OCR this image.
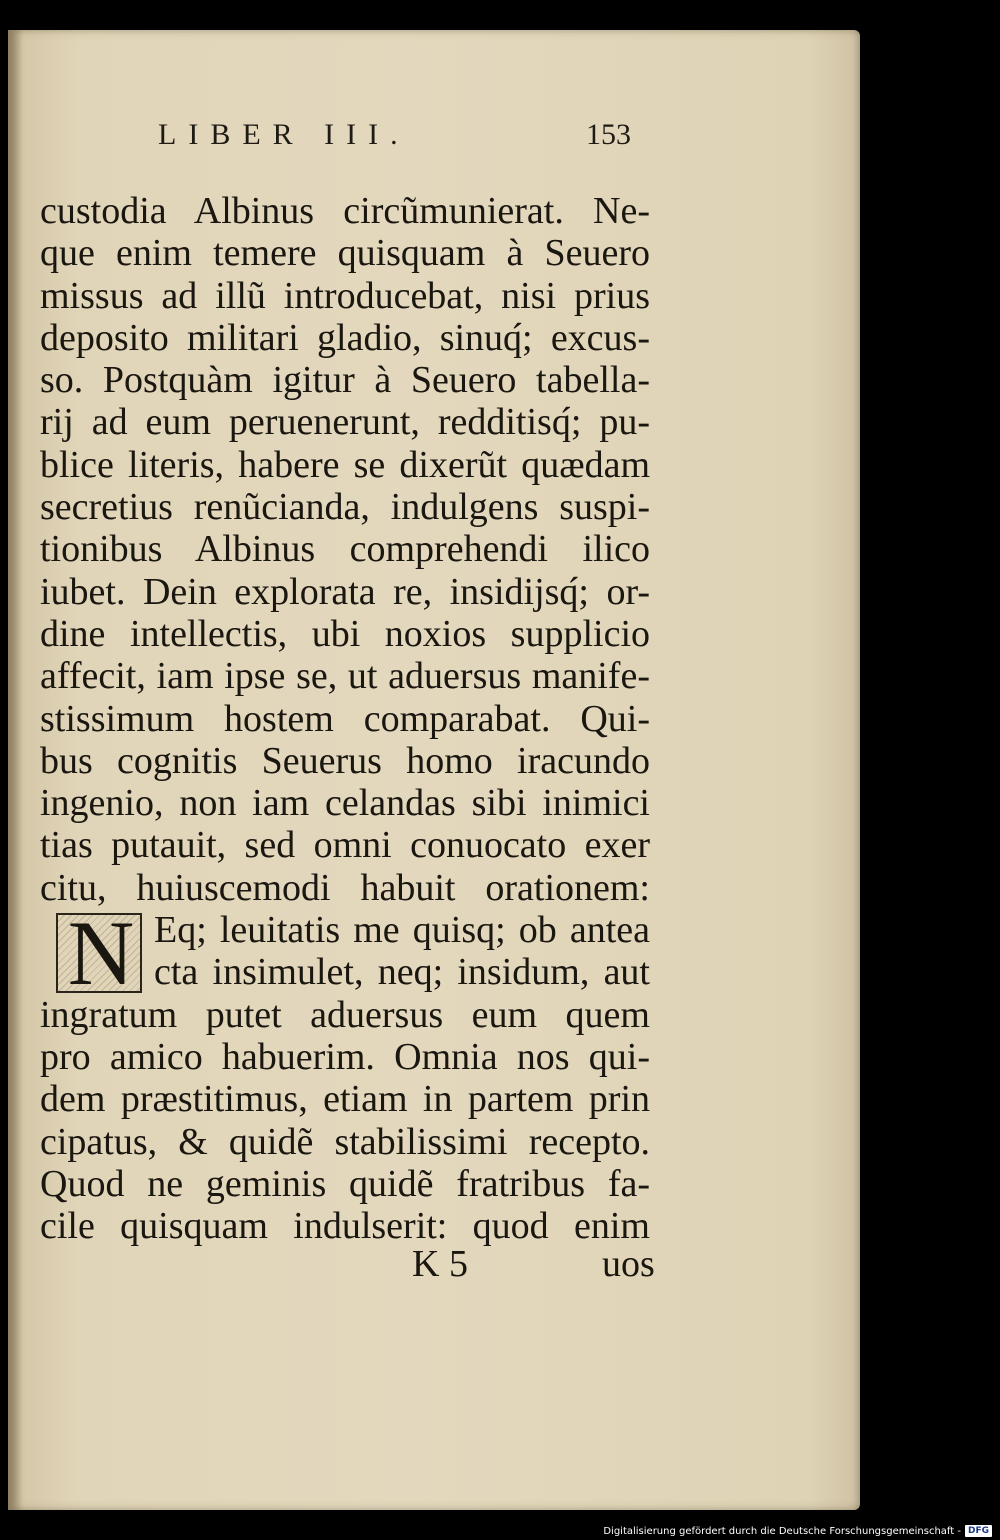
LIBER III.	153
custodia Albinus circũmunierat. Ne-
que enim temere quisquam à Seuero
missus ad illũ introducebat, nisi prius
deposito militari gladio, sinuq́; excus-
so. Postquàm igitur à Seuero tabella-
rij ad eum peruenerunt, redditisq́; pu-
blice literis, habere se dixerũt quædam
secretius renũcianda, indulgens suspi-
tionibus Albinus comprehendi ilico
iubet. Dein explorata re, insidijsq́; or-
dine intellectis, ubi noxios supplicio
affecit, iam ipse se, ut aduersus manife-
stissimum hostem comparabat. Qui-
bus cognitis Seuerus homo iracundo
ingenio, non iam celandas sibi inimici
tias putauit, sed omni conuocato exer
citu, huiuscemodi habuit orationem:
N Eq; leuitatis me quisq; ob antea
cta insimulet, neq; insidum, aut
ingratum putet aduersus eum quem
pro amico habuerim. Omnia nos qui-
dem præstitimus, etiam in partem prin
cipatus, & quidẽ stabilissimi recepto.
Quod ne geminis quidẽ fratribus fa-
cile quisquam indulserit: quod enim
K 5	uos
Digitalisierung gefördert durch die Deutsche Forschungsgemeinschaft - DFG
